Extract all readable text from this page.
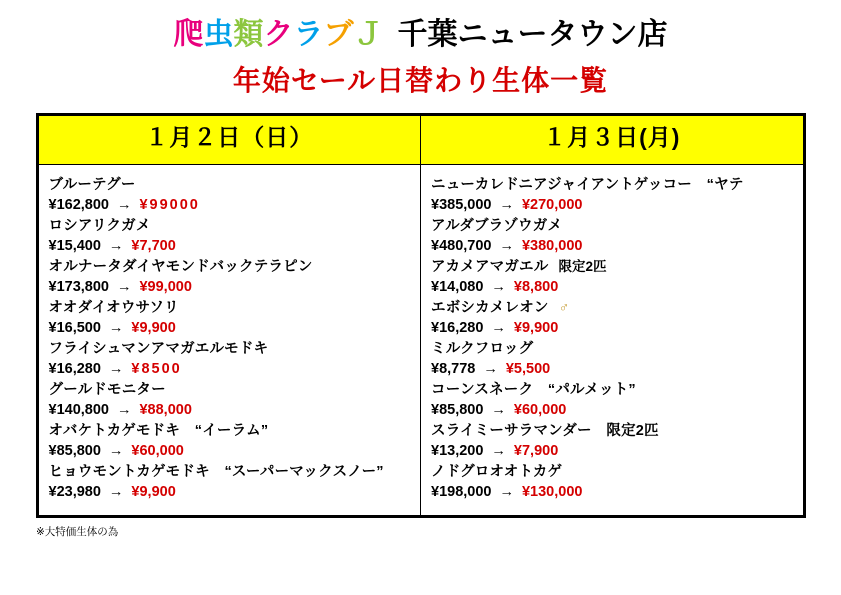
爬虫類クラブＪ 千葉ニュータウン店
年始セール日替わり生体一覧
１月２日（日）	１月３日(月)

ブルーテグー
¥162,800 → ¥99000
ロシアリクガメ
¥15,400 → ¥7,700
オルナータダイヤモンドバックテラピン
¥173,800 → ¥99,000
オオダイオウサソリ
¥16,500 → ¥9,900
フライシュマンアマガエルモドキ
¥16,280 → ¥8500
グールドモニター
¥140,800 → ¥88,000
オバケトカゲモドキ　“イーラム”
¥85,800 → ¥60,000
ヒョウモントカゲモドキ　“スーパーマックスノー”
¥23,980 → ¥9,900

ニューカレドニアジャイアントゲッコー　“ヤテ
¥385,000 → ¥270,000
アルダブラゾウガメ
¥480,700 → ¥380,000
アカメアマガエル 限定2匹
¥14,080 → ¥8,800
エボシカメレオン ♂
¥16,280 → ¥9,900
ミルクフロッグ
¥8,778 → ¥5,500
コーンスネーク　“パルメット”
¥85,800 → ¥60,000
スライミーサラマンダー　限定2匹
¥13,200 → ¥7,900
ノドグロオオトカゲ
¥198,000 → ¥130,000
※大特価生体の為
